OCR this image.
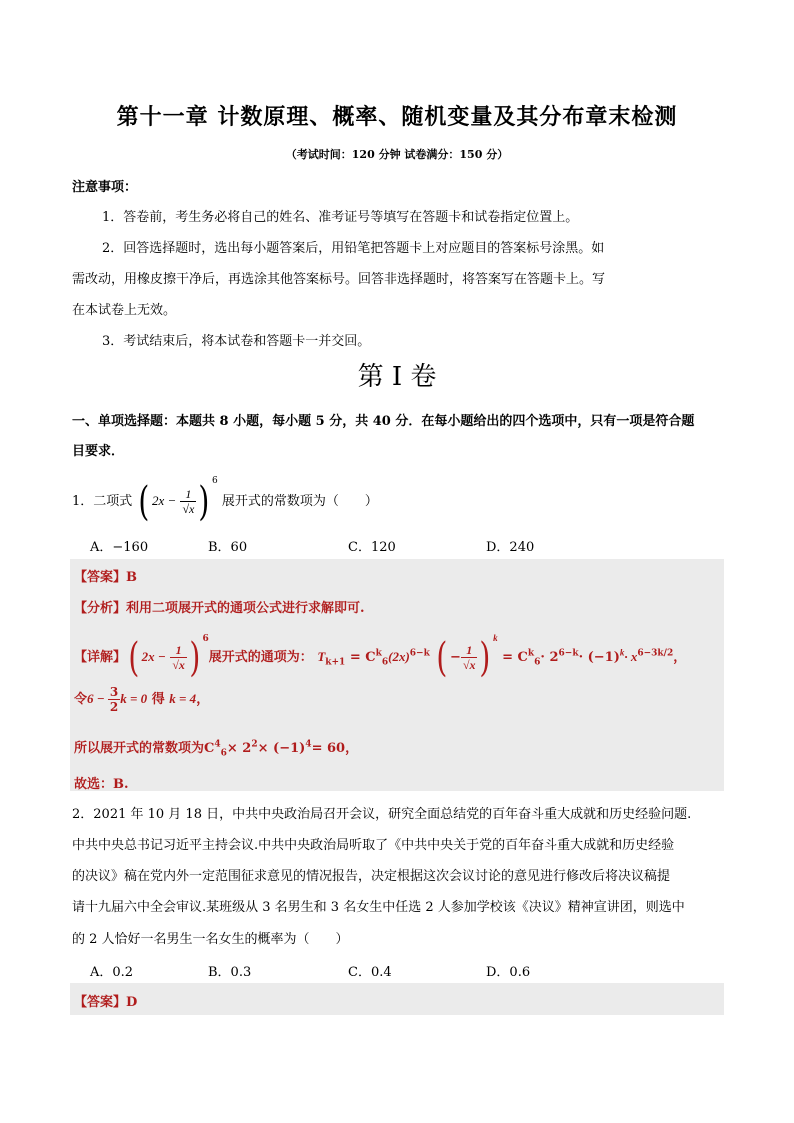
第十一章 计数原理、概率、随机变量及其分布章末检测
（考试时间：120 分钟 试卷满分：150 分）
注意事项：
1．答卷前，考生务必将自己的姓名、准考证号等填写在答题卡和试卷指定位置上。
2．回答选择题时，选出每小题答案后，用铅笔把答题卡上对应题目的答案标号涂黑。如
需改动，用橡皮擦干净后，再选涂其他答案标号。回答非选择题时，将答案写在答题卡上。写
在本试卷上无效。
3．考试结束后，将本试卷和答题卡一并交回。
第 I 卷
一、单项选择题：本题共 8 小题，每小题 5 分，共 40 分．在每小题给出的四个选项中，只有一项是符合题
目要求．
1．二项式 ( $2x - \frac{1}{√x}$ ) $^6$ 展开式的常数项为（　　）
A．−160	B．60	C．120	D．240
【答案】B
【分析】利用二项展开式的通项公式进行求解即可.
【详解】( $2x - \frac{1}{√x}$ ) $^6$展开式的通项为： $T_{k+1} = C^k_6(2x)^{6-k}$ ( − $\frac{1}{√x}$ ) $^k = C^k_6\cdot 2^{6-k}\cdot (-1)^k\cdot x^{6-3k/2}$，
令$6 - \frac{3}{2}$ k = 0 得 k = 4，
所以展开式的常数项为$C^4_6\times 2^2\times (-1)^4= 60$，
故选：B.
2．2021 年 10 月 18 日，中共中央政治局召开会议，研究全面总结党的百年奋斗重大成就和历史经验问题.
中共中央总书记习近平主持会议.中共中央政治局听取了《中共中央关于党的百年奋斗重大成就和历史经验
的决议》稿在党内外一定范围征求意见的情况报告，决定根据这次会议讨论的意见进行修改后将决议稿提
请十九届六中全会审议.某班级从 3 名男生和 3 名女生中任选 2 人参加学校该《决议》精神宣讲团，则选中
的 2 人恰好一名男生一名女生的概率为（　　）
A．0.2	B．0.3	C．0.4	D．0.6
【答案】D
